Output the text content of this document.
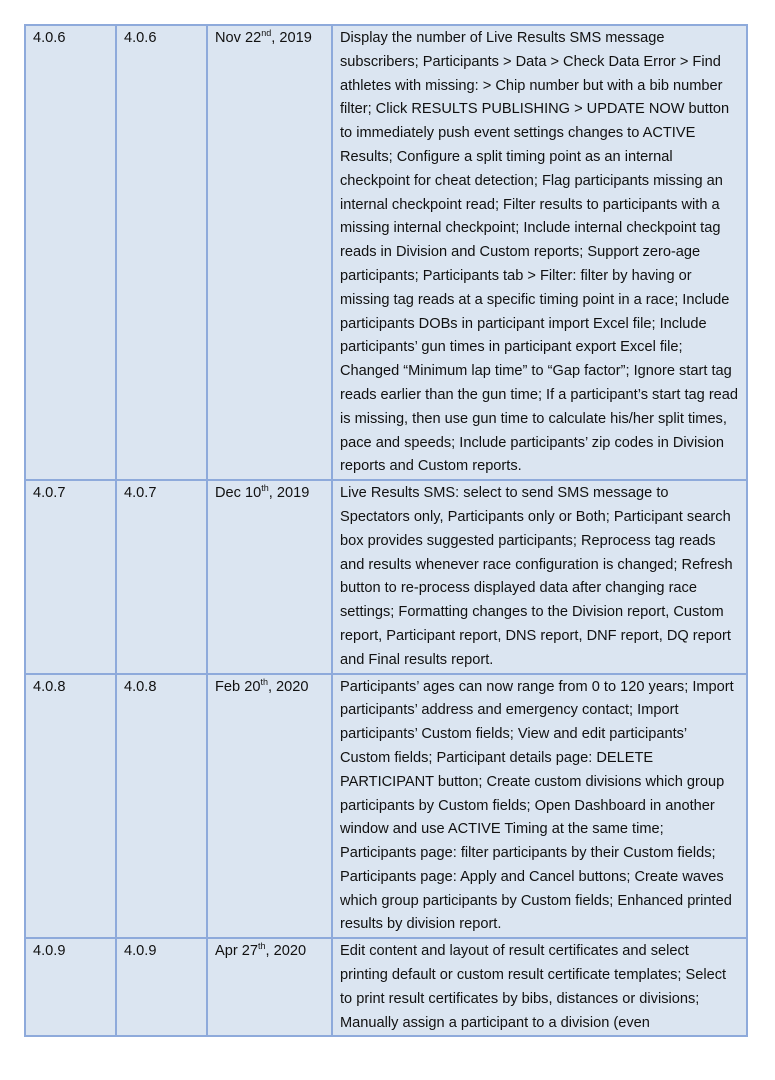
4.0.6	4.0.6	Nov 22nd, 2019	Display the number of Live Results SMS message subscribers; Participants > Data > Check Data Error > Find athletes with missing: > Chip number but with a bib number filter; Click RESULTS PUBLISHING > UPDATE NOW button to immediately push event settings changes to ACTIVE Results; Configure a split timing point as an internal checkpoint for cheat detection; Flag participants missing an internal checkpoint read; Filter results to participants with a missing internal checkpoint; Include internal checkpoint tag reads in Division and Custom reports; Support zero-age participants; Participants tab > Filter: filter by having or missing tag reads at a specific timing point in a race; Include participants DOBs in participant import Excel file; Include participants’ gun times in participant export Excel file; Changed “Minimum lap time” to “Gap factor”; Ignore start tag reads earlier than the gun time; If a participant’s start tag read is missing, then use gun time to calculate his/her split times, pace and speeds; Include participants’ zip codes in Division reports and Custom reports.
4.0.7	4.0.7	Dec 10th, 2019	Live Results SMS: select to send SMS message to Spectators only, Participants only or Both; Participant search box provides suggested participants; Reprocess tag reads and results whenever race configuration is changed; Refresh button to re-process displayed data after changing race settings; Formatting changes to the Division report, Custom report, Participant report, DNS report, DNF report, DQ report and Final results report.
4.0.8	4.0.8	Feb 20th, 2020	Participants’ ages can now range from 0 to 120 years; Import participants’ address and emergency contact; Import participants’ Custom fields; View and edit participants’ Custom fields; Participant details page: DELETE PARTICIPANT button; Create custom divisions which group participants by Custom fields; Open Dashboard in another window and use ACTIVE Timing at the same time; Participants page: filter participants by their Custom fields; Participants page: Apply and Cancel buttons; Create waves which group participants by Custom fields; Enhanced printed results by division report.
4.0.9	4.0.9	Apr 27th, 2020	Edit content and layout of result certificates and select printing default or custom result certificate templates; Select to print result certificates by bibs, distances or divisions; Manually assign a participant to a division (even
